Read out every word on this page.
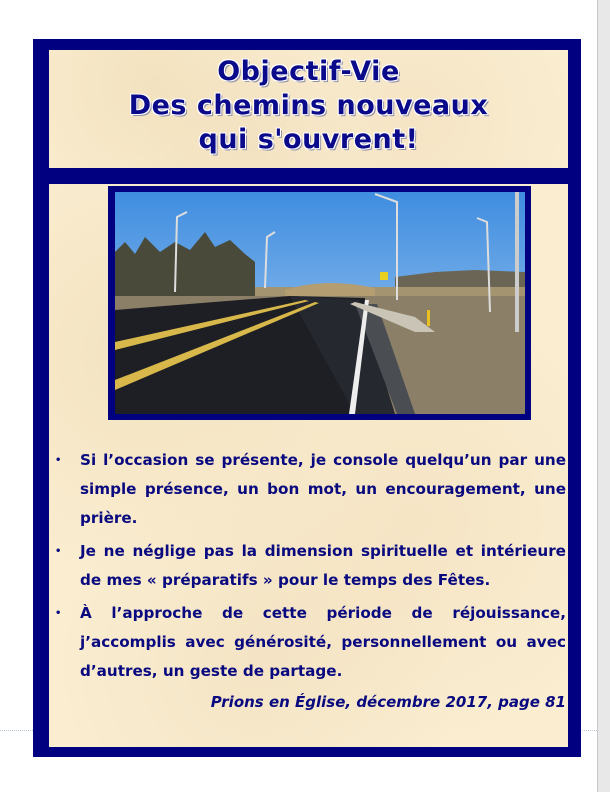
Objectif-Vie
Des chemins nouveaux
qui s'ouvrent!
• Si l’occasion se présente, je console quelqu’un par une simple présence, un bon mot, un encouragement, une prière.
• Je ne néglige pas la dimension spirituelle et intérieure de mes « préparatifs » pour le temps des Fêtes.
• À l’approche de cette période de réjouissance, j’accomplis avec générosité, personnellement ou avec d’autres, un geste de partage.
Prions en Église, décembre 2017, page 81
